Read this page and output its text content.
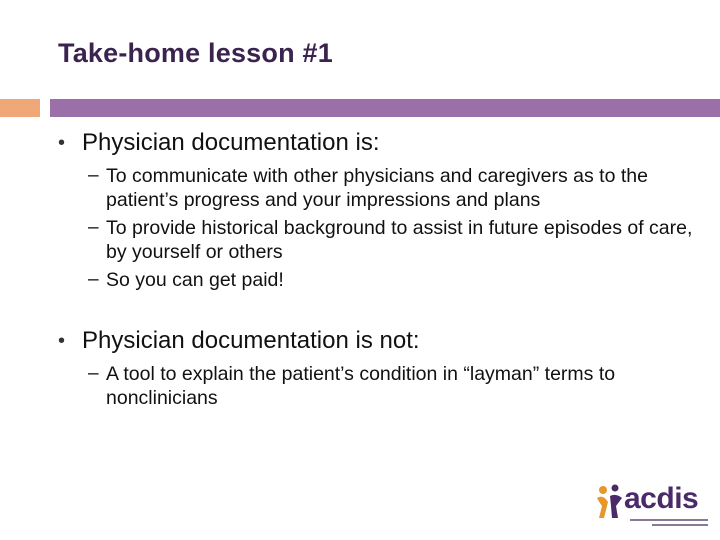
Take-home lesson #1
• Physician documentation is:
– To communicate with other physicians and caregivers as to the patient’s progress and your impressions and plans
– To provide historical background to assist in future episodes of care, by yourself or others
– So you can get paid!
• Physician documentation is not:
– A tool to explain the patient’s condition in “layman” terms to nonclinicians
acdis
